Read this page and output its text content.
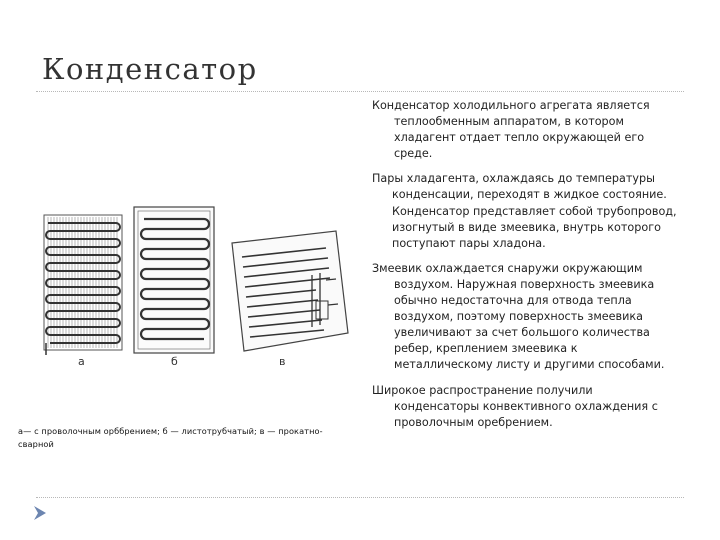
Конденсатор

Конденсатор холодильного агрегата является теплообменным аппаратом, в котором хладагент отдает тепло окружающей его среде.

Пары хладагента, охлаждаясь до температуры конденсации, переходят в жидкое состояние. Конденсатор представляет собой трубопровод, изогнутый в виде змеевика, внутрь которого поступают пары хладона.

Змеевик охлаждается снаружи окружающим воздухом. Наружная поверхность змеевика обычно недостаточна для отвода тепла воздухом, поэтому поверхность змеевика увеличивают за счет большого количества ребер, креплением змеевика к металлическому листу и другими способами.

Широкое распространение получили конденсаторы конвективного охлаждения с проволочным оребрением.

а	б	в
а— с проволочным орббрением; б — листотрубчатый; в — прокатно-сварной
